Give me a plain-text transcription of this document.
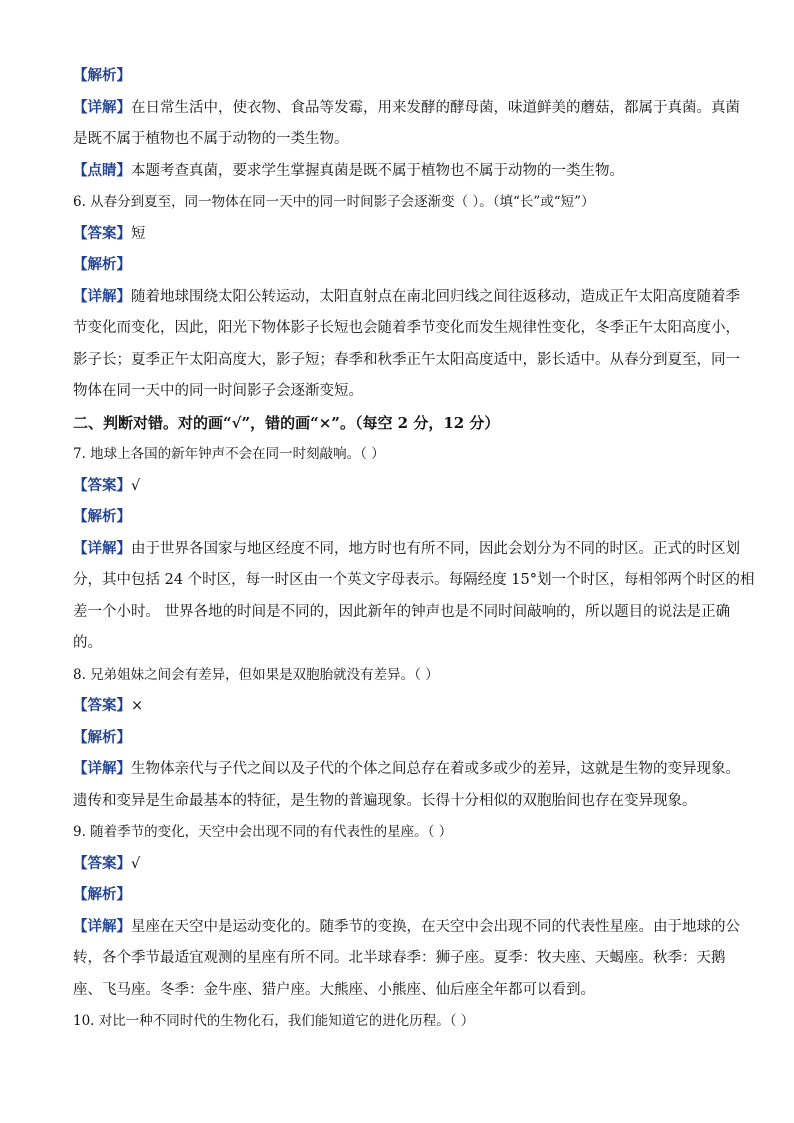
【解析】
【详解】在日常生活中，使衣物、食品等发霉，用来发酵的酵母菌，味道鲜美的蘑菇，都属于真菌。真菌
是既不属于植物也不属于动物的一类生物。
【点睛】本题考查真菌，要求学生掌握真菌是既不属于植物也不属于动物的一类生物。
6. 从春分到夏至，同一物体在同一天中的同一时间影子会逐渐变（ ）。（填“长”或“短”）
【答案】短
【解析】
【详解】随着地球围绕太阳公转运动，太阳直射点在南北回归线之间往返移动，造成正午太阳高度随着季
节变化而变化，因此，阳光下物体影子长短也会随着季节变化而发生规律性变化，冬季正午太阳高度小，
影子长；夏季正午太阳高度大，影子短；春季和秋季正午太阳高度适中，影长适中。从春分到夏至，同一
物体在同一天中的同一时间影子会逐渐变短。
二、判断对错。对的画“√”，错的画“×”。（每空 2 分，12 分）
7. 地球上各国的新年钟声不会在同一时刻敲响。（ ）
【答案】√
【解析】
【详解】由于世界各国家与地区经度不同，地方时也有所不同，因此会划分为不同的时区。正式的时区划
分，其中包括 24 个时区，每一时区由一个英文字母表示。每隔经度 15°划一个时区，每相邻两个时区的相
差一个小时。 世界各地的时间是不同的，因此新年的钟声也是不同时间敲响的，所以题目的说法是正确
的。
8. 兄弟姐妹之间会有差异，但如果是双胞胎就没有差异。（ ）
【答案】×
【解析】
【详解】生物体亲代与子代之间以及子代的个体之间总存在着或多或少的差异，这就是生物的变异现象。
遗传和变异是生命最基本的特征，是生物的普遍现象。长得十分相似的双胞胎间也存在变异现象。
9. 随着季节的变化，天空中会出现不同的有代表性的星座。（ ）
【答案】√
【解析】
【详解】星座在天空中是运动变化的。随季节的变换，在天空中会出现不同的代表性星座。由于地球的公
转，各个季节最适宜观测的星座有所不同。北半球春季：狮子座。夏季：牧夫座、天蝎座。秋季：天鹅
座、飞马座。冬季：金牛座、猎户座。大熊座、小熊座、仙后座全年都可以看到。
10. 对比一种不同时代的生物化石，我们能知道它的进化历程。（ ）
